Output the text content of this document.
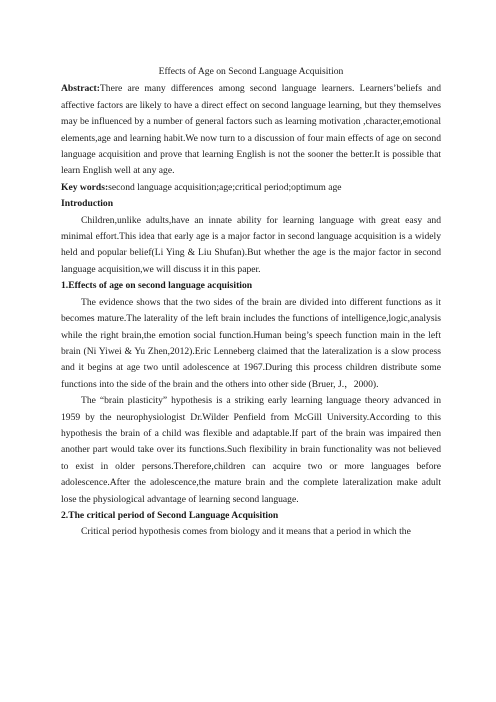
Effects of Age on Second Language Acquisition

Abstract:There are many differences among second language learners. Learners’beliefs and affective factors are likely to have a direct effect on second language learning, but they themselves may be influenced by a number of general factors such as learning motivation ,character,emotional elements,age and learning habit.We now turn to a discussion of four main effects of age on second language acquisition and prove that learning English is not the sooner the better.It is possible that learn English well at any age.

Key words:second language acquisition;age;critical period;optimum age

Introduction

Children,unlike adults,have an innate ability for learning language with great easy and minimal effort.This idea that early age is a major factor in second language acquisition is a widely held and popular belief(Li Ying & Liu Shufan).But whether the age is the major factor in second language acquisition,we will discuss it in this paper.

1.Effects of age on second language acquisition

The evidence shows that the two sides of the brain are divided into different functions as it becomes mature.The laterality of the left brain includes the functions of intelligence,logic,analysis while the right brain,the emotion social function.Human being’s speech function main in the left brain (Ni Yiwei & Yu Zhen,2012).Eric Lenneberg claimed that the lateralization is a slow process and it begins at age two until adolescence at 1967.During this process children distribute some functions into the side of the brain and the others into other side (Bruer, J.，2000).

The “brain plasticity” hypothesis is a striking early learning language theory advanced in 1959 by the neurophysiologist Dr.Wilder Penfield from McGill University.According to this hypothesis the brain of a child was flexible and adaptable.If part of the brain was impaired then another part would take over its functions.Such flexibility in brain functionality was not believed to exist in older persons.Therefore,children can acquire two or more languages before adolescence.After the adolescence,the mature brain and the complete lateralization make adult lose the physiological advantage of learning second language.

2.The critical period of Second Language Acquisition

Critical period hypothesis comes from biology and it means that a period in which the
